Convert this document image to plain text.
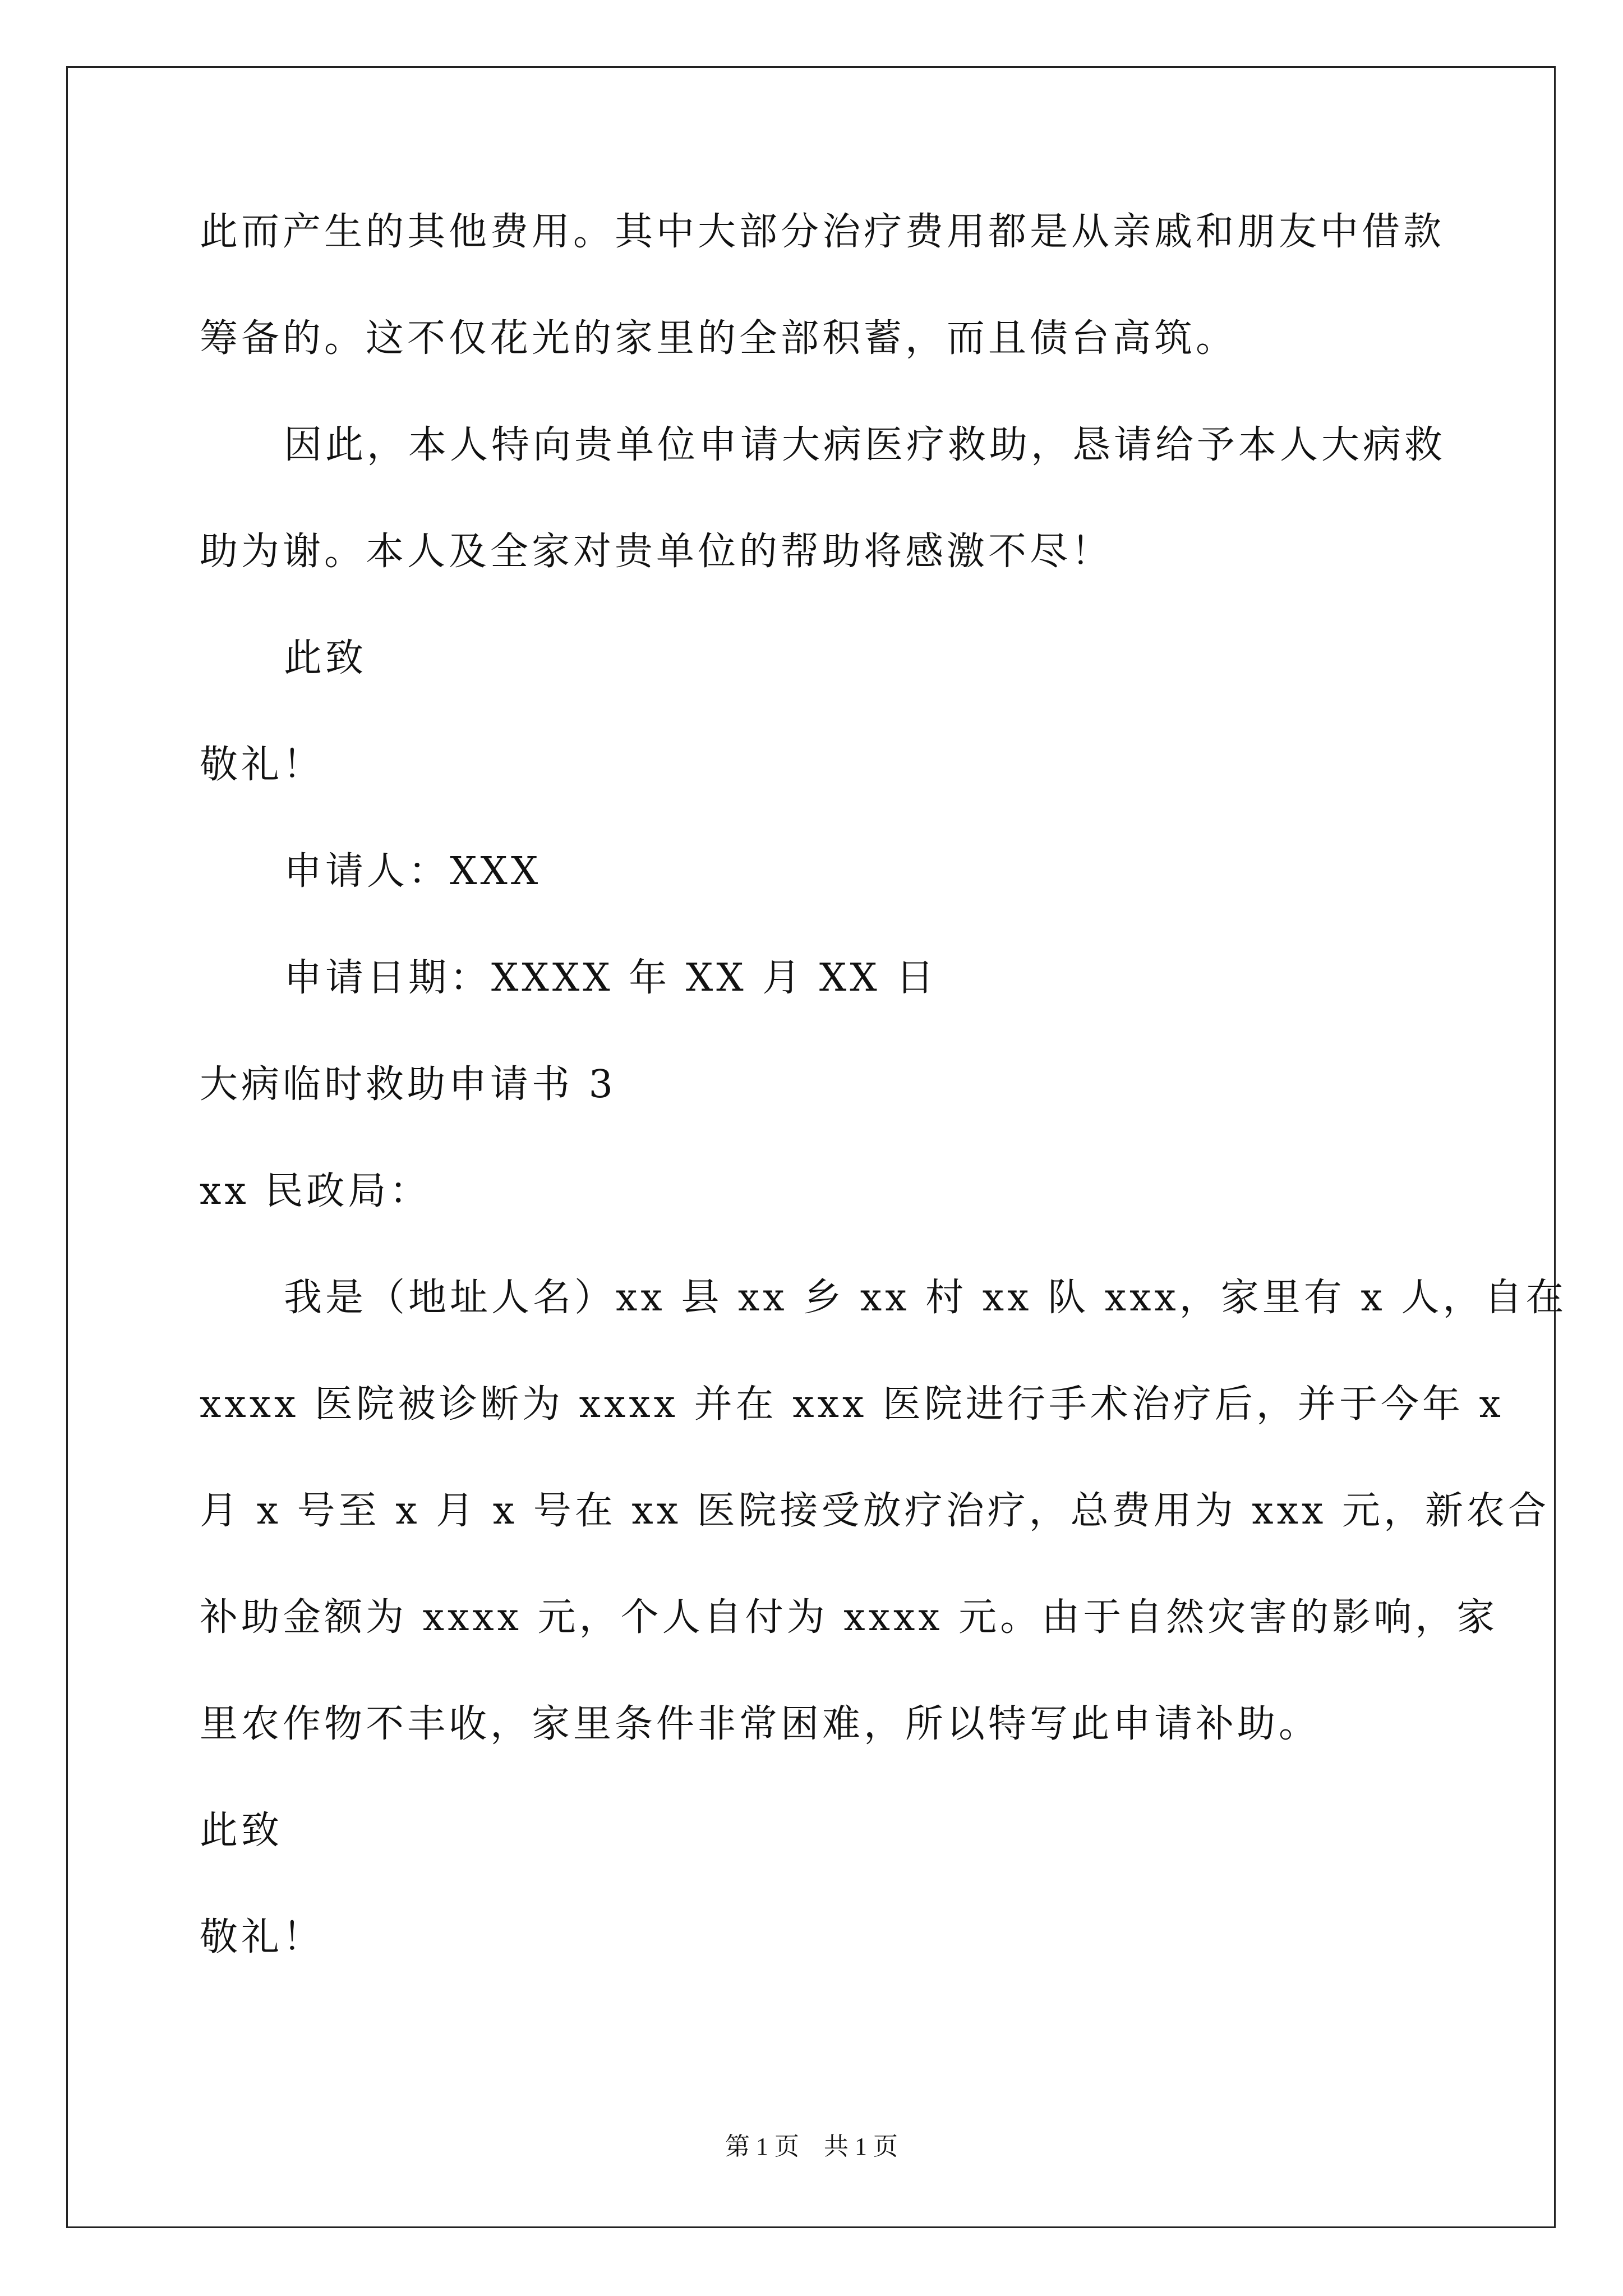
此而产生的其他费用。其中大部分治疗费用都是从亲戚和朋友中借款

筹备的。这不仅花光的家里的全部积蓄，而且债台高筑。

因此，本人特向贵单位申请大病医疗救助，恳请给予本人大病救

助为谢。本人及全家对贵单位的帮助将感激不尽！

此致

敬礼！

申请人：XXX

申请日期：XXXX 年 XX 月 XX 日

大病临时救助申请书 3

xx 民政局：

我是（地址人名）xx 县 xx 乡 xx 村 xx 队 xxx，家里有 x 人，自在

xxxx 医院被诊断为 xxxx 并在 xxx 医院进行手术治疗后，并于今年 x

月 x 号至 x 月 x 号在 xx 医院接受放疗治疗，总费用为 xxx 元，新农合

补助金额为 xxxx 元，个人自付为 xxxx 元。由于自然灾害的影响，家

里农作物不丰收，家里条件非常困难，所以特写此申请补助。

此致

敬礼！

第 1 页　共 1 页
